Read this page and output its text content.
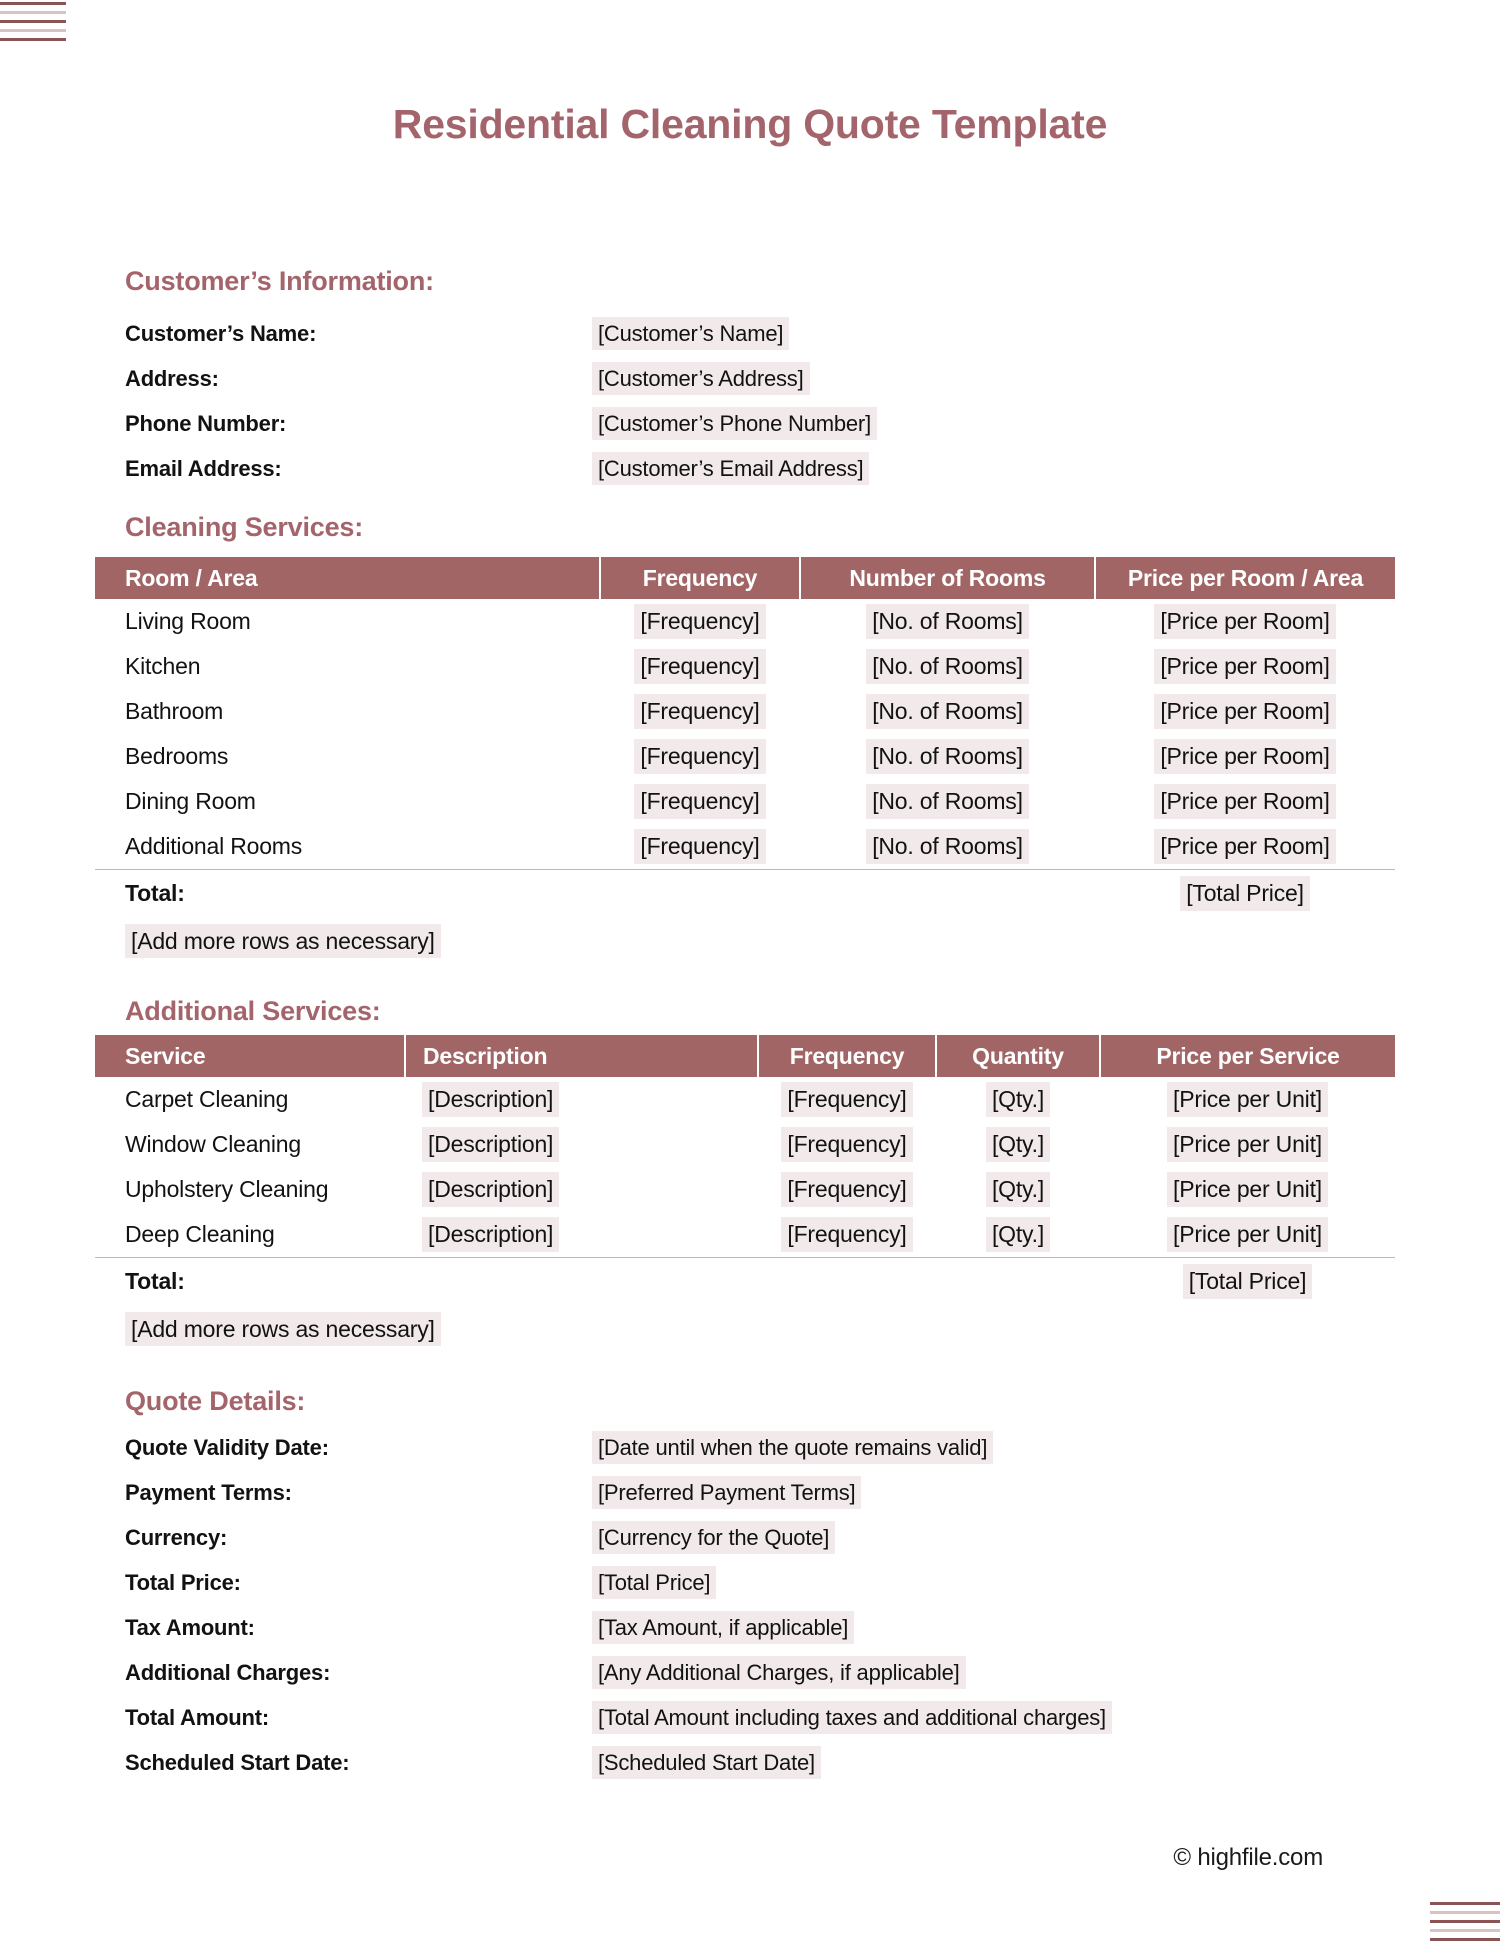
Residential Cleaning Quote Template
Customer’s Information:
Customer’s Name:	[Customer’s Name]
Address:	[Customer’s Address]
Phone Number:	[Customer’s Phone Number]
Email Address:	[Customer’s Email Address]
Cleaning Services:
Room / Area	Frequency	Number of Rooms	Price per Room / Area
Living Room	[Frequency]	[No. of Rooms]	[Price per Room]
Kitchen	[Frequency]	[No. of Rooms]	[Price per Room]
Bathroom	[Frequency]	[No. of Rooms]	[Price per Room]
Bedrooms	[Frequency]	[No. of Rooms]	[Price per Room]
Dining Room	[Frequency]	[No. of Rooms]	[Price per Room]
Additional Rooms	[Frequency]	[No. of Rooms]	[Price per Room]
Total:			[Total Price]
[Add more rows as necessary]			
Additional Services:
Service	Description	Frequency	Quantity	Price per Service
Carpet Cleaning	[Description]	[Frequency]	[Qty.]	[Price per Unit]
Window Cleaning	[Description]	[Frequency]	[Qty.]	[Price per Unit]
Upholstery Cleaning	[Description]	[Frequency]	[Qty.]	[Price per Unit]
Deep Cleaning	[Description]	[Frequency]	[Qty.]	[Price per Unit]
Total:				[Total Price]
[Add more rows as necessary]				
Quote Details:
Quote Validity Date:	[Date until when the quote remains valid]
Payment Terms:	[Preferred Payment Terms]
Currency:	[Currency for the Quote]
Total Price:	[Total Price]
Tax Amount:	[Tax Amount, if applicable]
Additional Charges:	[Any Additional Charges, if applicable]
Total Amount:	[Total Amount including taxes and additional charges]
Scheduled Start Date:	[Scheduled Start Date]
© highfile.com
